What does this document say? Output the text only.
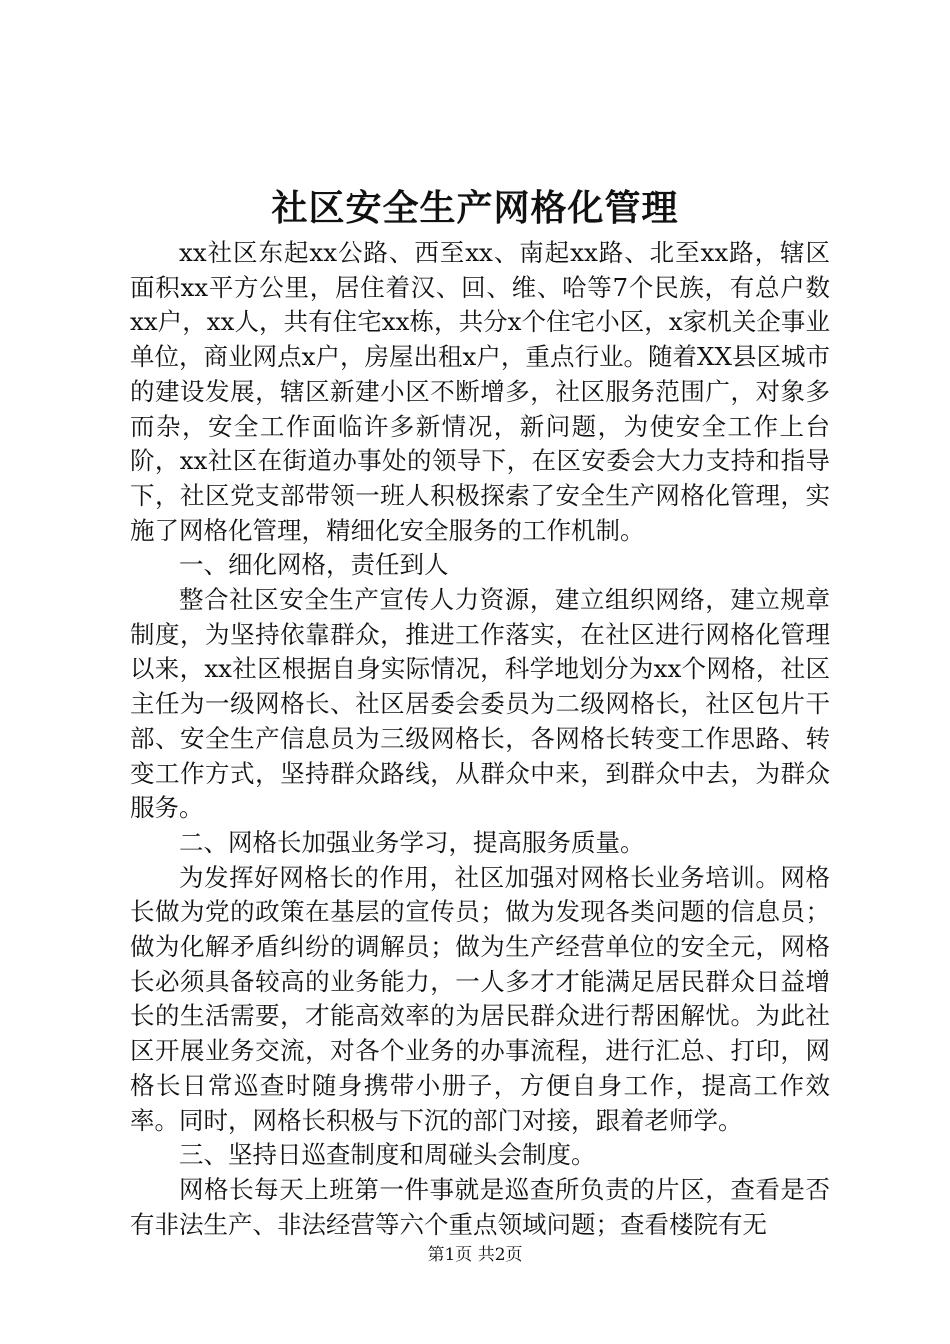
社区安全生产网格化管理

xx社区东起xx公路、西至xx、南起xx路、北至xx路，辖区面积xx平方公里，居住着汉、回、维、哈等7个民族，有总户数xx户，xx人，共有住宅xx栋，共分x个住宅小区，x家机关企事业单位，商业网点x户，房屋出租x户，重点行业。随着XX县区城市的建设发展，辖区新建小区不断增多，社区服务范围广，对象多而杂，安全工作面临许多新情况，新问题，为使安全工作上台阶，xx社区在街道办事处的领导下，在区安委会大力支持和指导下，社区党支部带领一班人积极探索了安全生产网格化管理，实施了网格化管理，精细化安全服务的工作机制。

一、细化网格，责任到人

整合社区安全生产宣传人力资源，建立组织网络，建立规章制度，为坚持依靠群众，推进工作落实，在社区进行网格化管理以来，xx社区根据自身实际情况，科学地划分为xx个网格，社区主任为一级网格长、社区居委会委员为二级网格长，社区包片干部、安全生产信息员为三级网格长，各网格长转变工作思路、转变工作方式，坚持群众路线，从群众中来，到群众中去，为群众服务。

二、网格长加强业务学习，提高服务质量。

为发挥好网格长的作用，社区加强对网格长业务培训。网格长做为党的政策在基层的宣传员；做为发现各类问题的信息员；做为化解矛盾纠纷的调解员；做为生产经营单位的安全元，网格长必须具备较高的业务能力，一人多才才能满足居民群众日益增长的生活需要，才能高效率的为居民群众进行帮困解忧。为此社区开展业务交流，对各个业务的办事流程，进行汇总、打印，网格长日常巡查时随身携带小册子，方便自身工作，提高工作效率。同时，网格长积极与下沉的部门对接，跟着老师学。

三、坚持日巡查制度和周碰头会制度。

网格长每天上班第一件事就是巡查所负责的片区，查看是否有非法生产、非法经营等六个重点领域问题；查看楼院有无

第1页 共2页
